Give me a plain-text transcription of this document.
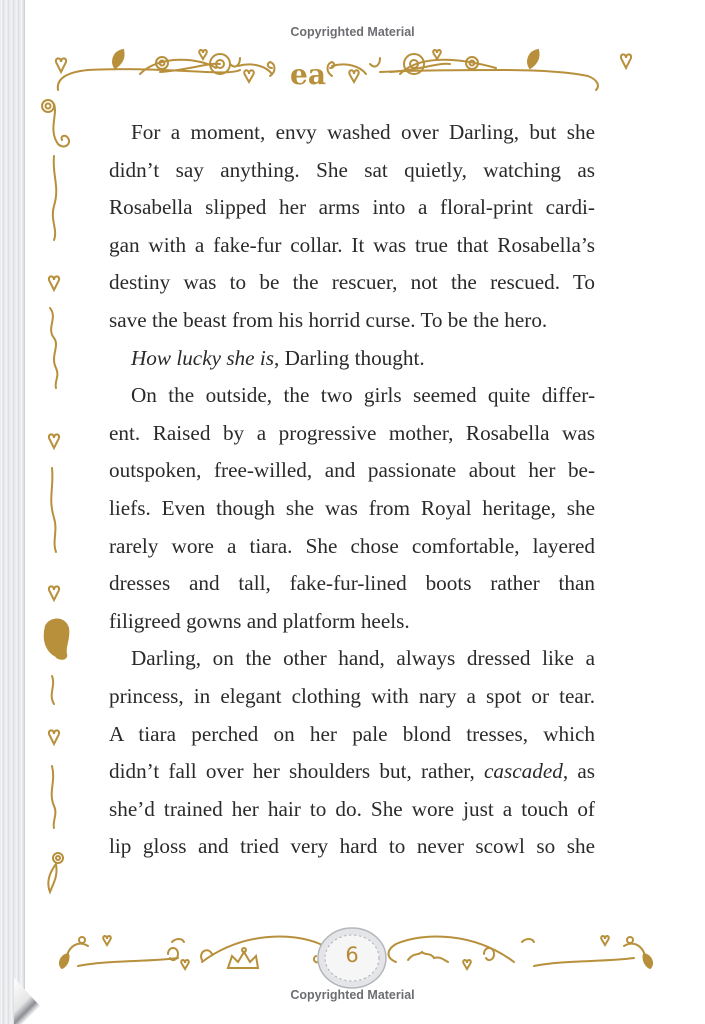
Copyrighted Material
ea
For a moment, envy washed over Darling, but she
didn’t say anything. She sat quietly, watching as
Rosabella slipped her arms into a floral-print cardi-
gan with a fake-fur collar. It was true that Rosabella’s
destiny was to be the rescuer, not the rescued. To
save the beast from his horrid curse. To be the hero.
How lucky she is, Darling thought.
On the outside, the two girls seemed quite differ-
ent. Raised by a progressive mother, Rosabella was
outspoken, free-willed, and passionate about her be-
liefs. Even though she was from Royal heritage, she
rarely wore a tiara. She chose comfortable, layered
dresses and tall, fake-fur-lined boots rather than
filigreed gowns and platform heels.
Darling, on the other hand, always dressed like a
princess, in elegant clothing with nary a spot or tear.
A tiara perched on her pale blond tresses, which
didn’t fall over her shoulders but, rather, cascaded, as
she’d trained her hair to do. She wore just a touch of
lip gloss and tried very hard to never scowl so she
6
Copyrighted Material
